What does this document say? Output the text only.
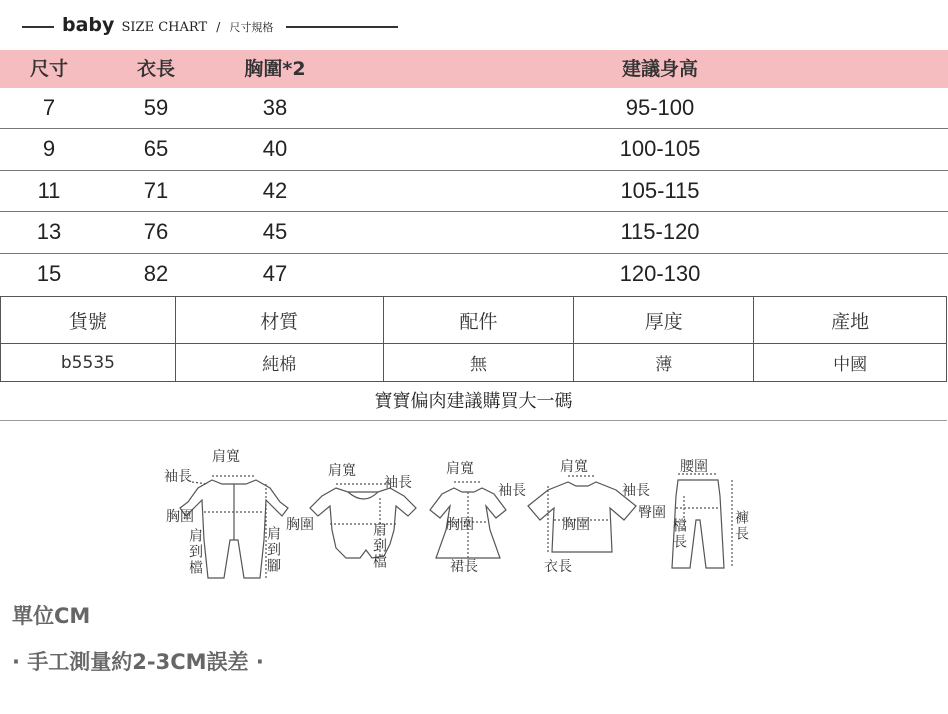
baby SIZE CHART / 尺寸規格
尺寸	衣長	胸圍*2	建議身高
7	59	38	95-100
9	65	40	100-105
11	71	42	105-115
13	76	45	115-120
15	82	47	120-130
貨號	材質	配件	厚度	產地
b5535	純棉	無	薄	中國
寶寶偏肉建議購買大一碼
肩寬
袖長
胸圍
肩到檔	肩到腳
肩寬
袖長
胸圍	肩到檔
肩寬
袖長
胸圍
裙長
肩寬
袖長
胸圍
衣長
腰圍
臀圍
檔長	褲長
單位CM
· 手工測量約2-3CM誤差 ·
